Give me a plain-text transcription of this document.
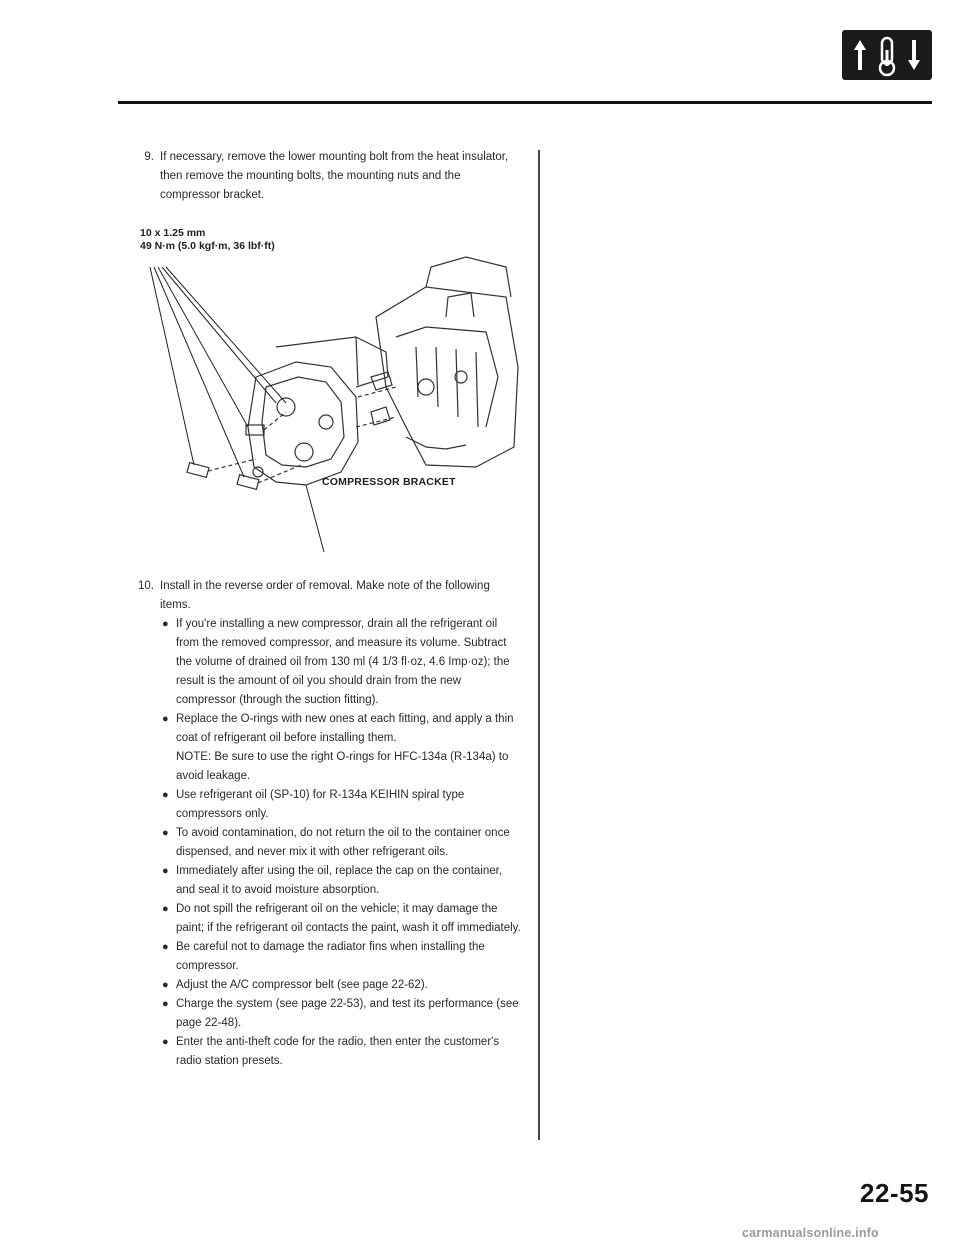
9. If necessary, remove the lower mounting bolt from the heat insulator, then remove the mounting bolts, the mounting nuts and the compressor bracket.

10 x 1.25 mm
49 N·m (5.0 kgf·m, 36 lbf·ft)
COMPRESSOR BRACKET
10. Install in the reverse order of removal. Make note of the following items.
● If you're installing a new compressor, drain all the refrigerant oil from the removed compressor, and measure its volume. Subtract the volume of drained oil from 130 ml (4 1/3 fl·oz, 4.6 Imp·oz); the result is the amount of oil you should drain from the new compressor (through the suction fitting).
● Replace the O-rings with new ones at each fitting, and apply a thin coat of refrigerant oil before installing them.
NOTE: Be sure to use the right O-rings for HFC-134a (R-134a) to avoid leakage.
● Use refrigerant oil (SP-10) for R-134a KEIHIN spiral type compressors only.
● To avoid contamination, do not return the oil to the container once dispensed, and never mix it with other refrigerant oils.
● Immediately after using the oil, replace the cap on the container, and seal it to avoid moisture absorption.
● Do not spill the refrigerant oil on the vehicle; it may damage the paint; if the refrigerant oil contacts the paint, wash it off immediately.
● Be careful not to damage the radiator fins when installing the compressor.
● Adjust the A/C compressor belt (see page 22-62).
● Charge the system (see page 22-53), and test its performance (see page 22-48).
● Enter the anti-theft code for the radio, then enter the customer's radio station presets.
22-55
carmanualsonline.info
